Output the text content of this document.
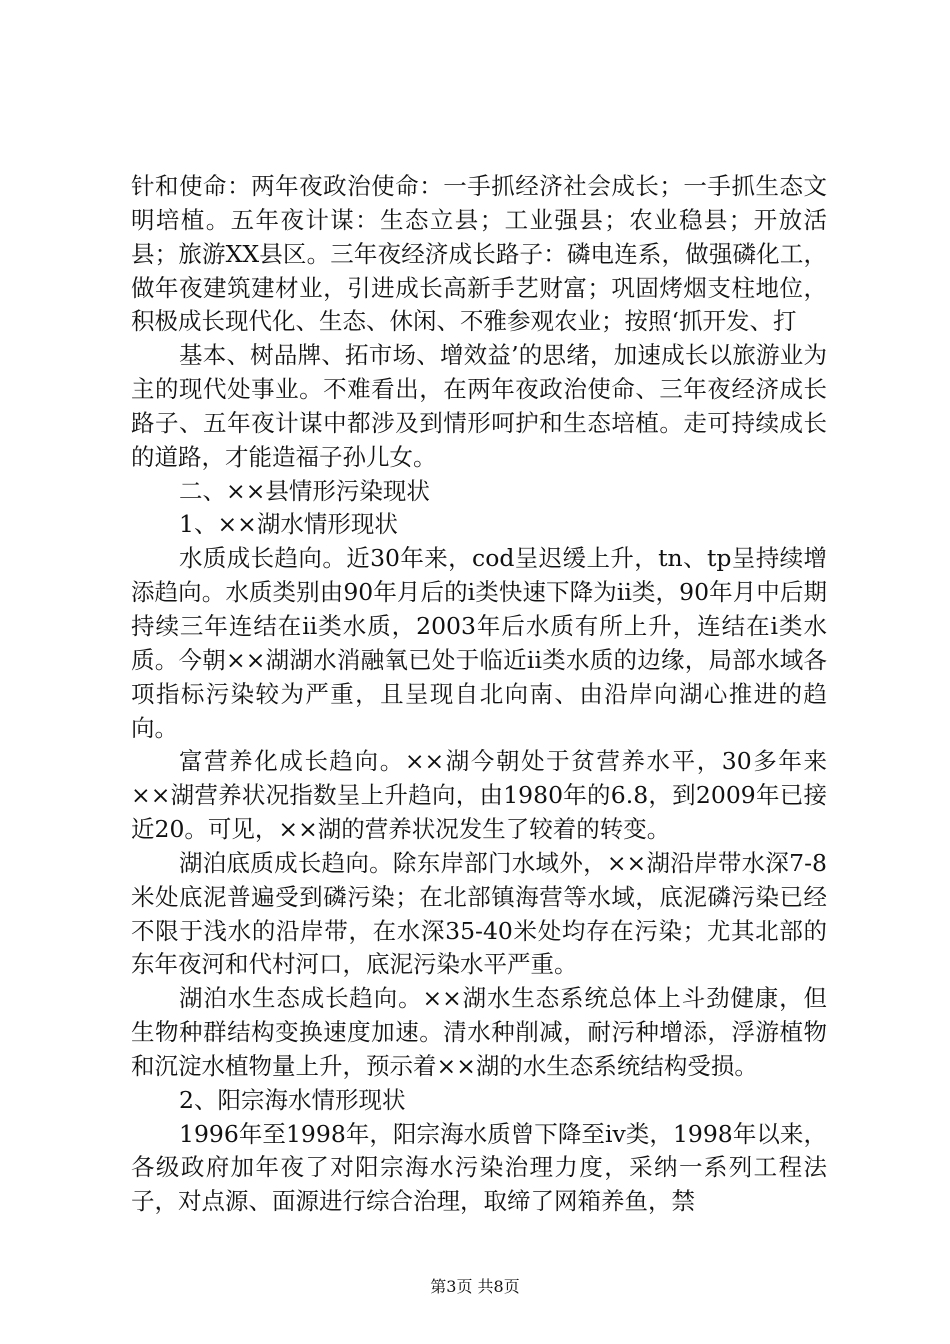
针和使命：两年夜政治使命：一手抓经济社会成长；一手抓生态文明培植。五年夜计谋：生态立县；工业强县；农业稳县；开放活县；旅游XX县区。三年夜经济成长路子：磷电连系，做强磷化工，做年夜建筑建材业，引进成长高新手艺财富；巩固烤烟支柱地位，积极成长现代化、生态、休闲、不雅参观农业；按照‘抓开发、打

基本、树品牌、拓市场、增效益’的思绪，加速成长以旅游业为主的现代处事业。不难看出，在两年夜政治使命、三年夜经济成长路子、五年夜计谋中都涉及到情形呵护和生态培植。走可持续成长的道路，才能造福子孙儿女。

二、××县情形污染现状

1、××湖水情形现状

水质成长趋向。近30年来，cod呈迟缓上升，tn、tp呈持续增添趋向。水质类别由90年月后的i类快速下降为ii类，90年月中后期持续三年连结在ii类水质，2003年后水质有所上升，连结在i类水质。今朝××湖湖水消融氧已处于临近ii类水质的边缘，局部水域各项指标污染较为严重，且呈现自北向南、由沿岸向湖心推进的趋向。

富营养化成长趋向。××湖今朝处于贫营养水平，30多年来××湖营养状况指数呈上升趋向，由1980年的6.8，到2009年已接近20。可见，××湖的营养状况发生了较着的转变。

湖泊底质成长趋向。除东岸部门水域外，××湖沿岸带水深7-8米处底泥普遍受到磷污染；在北部镇海营等水域，底泥磷污染已经不限于浅水的沿岸带，在水深35-40米处均存在污染；尤其北部的东年夜河和代村河口，底泥污染水平严重。

湖泊水生态成长趋向。××湖水生态系统总体上斗劲健康，但生物种群结构变换速度加速。清水种削减，耐污种增添，浮游植物和沉淀水植物量上升，预示着××湖的水生态系统结构受损。

2、阳宗海水情形现状

1996年至1998年，阳宗海水质曾下降至iv类，1998年以来，各级政府加年夜了对阳宗海水污染治理力度，采纳一系列工程法子，对点源、面源进行综合治理，取缔了网箱养鱼，禁

第3页 共8页
